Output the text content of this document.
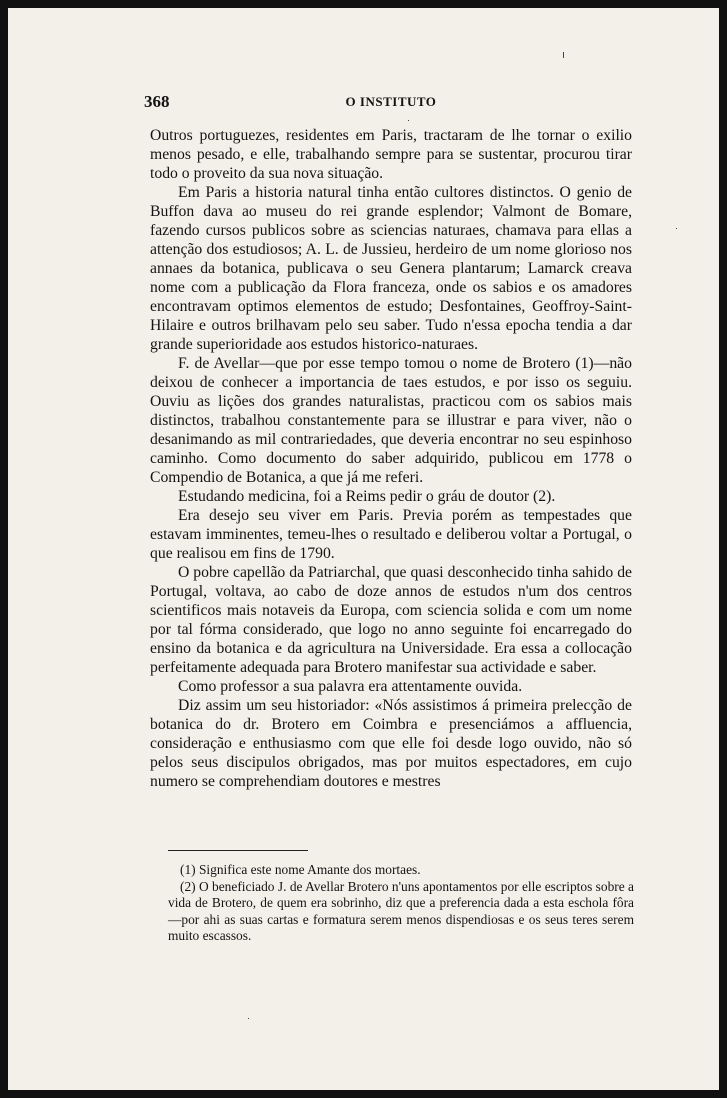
368	O INSTITUTO

Outros portuguezes, residentes em Paris, tractaram de lhe tornar o exilio menos pesado, e elle, trabalhando sempre para se sustentar, procurou tirar todo o proveito da sua nova situação.

Em Paris a historia natural tinha então cultores distinctos. O genio de Buffon dava ao museu do rei grande esplendor; Valmont de Bomare, fazendo cursos publicos sobre as sciencias naturaes, chamava para ellas a attenção dos estudiosos; A. L. de Jussieu, herdeiro de um nome glorioso nos annaes da botanica, publicava o seu Genera plantarum; Lamarck creava nome com a publicação da Flora franceza, onde os sabios e os amadores encontravam optimos elementos de estudo; Desfontaines, Geoffroy-Saint-Hilaire e outros brilhavam pelo seu saber. Tudo n'essa epocha tendia a dar grande superioridade aos estudos historico-naturaes.

F. de Avellar—que por esse tempo tomou o nome de Brotero (1)—não deixou de conhecer a importancia de taes estudos, e por isso os seguiu. Ouviu as lições dos grandes naturalistas, practicou com os sabios mais distinctos, trabalhou constantemente para se illustrar e para viver, não o desanimando as mil contrariedades, que deveria encontrar no seu espinhoso caminho. Como documento do saber adquirido, publicou em 1778 o Compendio de Botanica, a que já me referi.

Estudando medicina, foi a Reims pedir o gráu de doutor (2).

Era desejo seu viver em Paris. Previa porém as tempestades que estavam imminentes, temeu-lhes o resultado e deliberou voltar a Portugal, o que realisou em fins de 1790.

O pobre capellão da Patriarchal, que quasi desconhecido tinha sahido de Portugal, voltava, ao cabo de doze annos de estudos n'um dos centros scientificos mais notaveis da Europa, com sciencia solida e com um nome por tal fórma considerado, que logo no anno seguinte foi encarregado do ensino da botanica e da agricultura na Universidade. Era essa a collocação perfeitamente adequada para Brotero manifestar sua actividade e saber.

Como professor a sua palavra era attentamente ouvida.

Diz assim um seu historiador: «Nós assistimos á primeira prelecção de botanica do dr. Brotero em Coimbra e presenciámos a affluencia, consideração e enthusiasmo com que elle foi desde logo ouvido, não só pelos seus discipulos obrigados, mas por muitos espectadores, em cujo numero se comprehendiam doutores e mestres

(1) Significa este nome Amante dos mortaes.

(2) O beneficiado J. de Avellar Brotero n'uns apontamentos por elle escriptos sobre a vida de Brotero, de quem era sobrinho, diz que a preferencia dada a esta eschola fôra—por ahi as suas cartas e formatura serem menos dispendiosas e os seus teres serem muito escassos.
